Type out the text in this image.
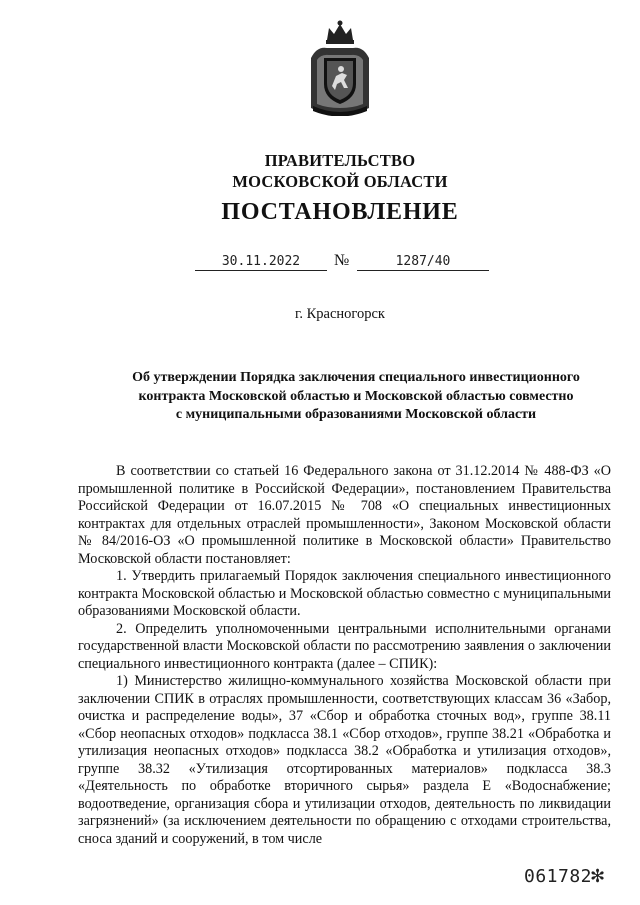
ПРАВИТЕЛЬСТВО
МОСКОВСКОЙ ОБЛАСТИ
ПОСТАНОВЛЕНИЕ
30.11.2022	№	1287/40
г. Красногорск
Об утверждении Порядка заключения специального инвестиционного
контракта Московской областью и Московской областью совместно
с муниципальными образованиями Московской области

В соответствии со статьей 16 Федерального закона от 31.12.2014 № 488-ФЗ «О промышленной политике в Российской Федерации», постановлением Правительства Российской Федерации от 16.07.2015 № 708 «О специальных инвестиционных контрактах для отдельных отраслей промышленности», Законом Московской области № 84/2016-ОЗ «О промышленной политике в Московской области» Правительство Московской области постановляет:

1. Утвердить прилагаемый Порядок заключения специального инвестиционного контракта Московской областью и Московской областью совместно с муниципальными образованиями Московской области.

2. Определить уполномоченными центральными исполнительными органами государственной власти Московской области по рассмотрению заявления о заключении специального инвестиционного контракта (далее – СПИК):

1) Министерство жилищно-коммунального хозяйства Московской области при заключении СПИК в отраслях промышленности, соответствующих классам 36 «Забор, очистка и распределение воды», 37 «Сбор и обработка сточных вод», группе 38.11 «Сбор неопасных отходов» подкласса 38.1 «Сбор отходов», группе 38.21 «Обработка и утилизация неопасных отходов» подкласса 38.2 «Обработка и утилизация отходов», группе 38.32 «Утилизация отсортированных материалов» подкласса 38.3 «Деятельность по обработке вторичного сырья» раздела Е «Водоснабжение; водоотведение, организация сбора и утилизации отходов, деятельность по ликвидации загрязнений» (за исключением деятельности по обращению с отходами строительства, сноса зданий и сооружений, в том числе

061782
✻
